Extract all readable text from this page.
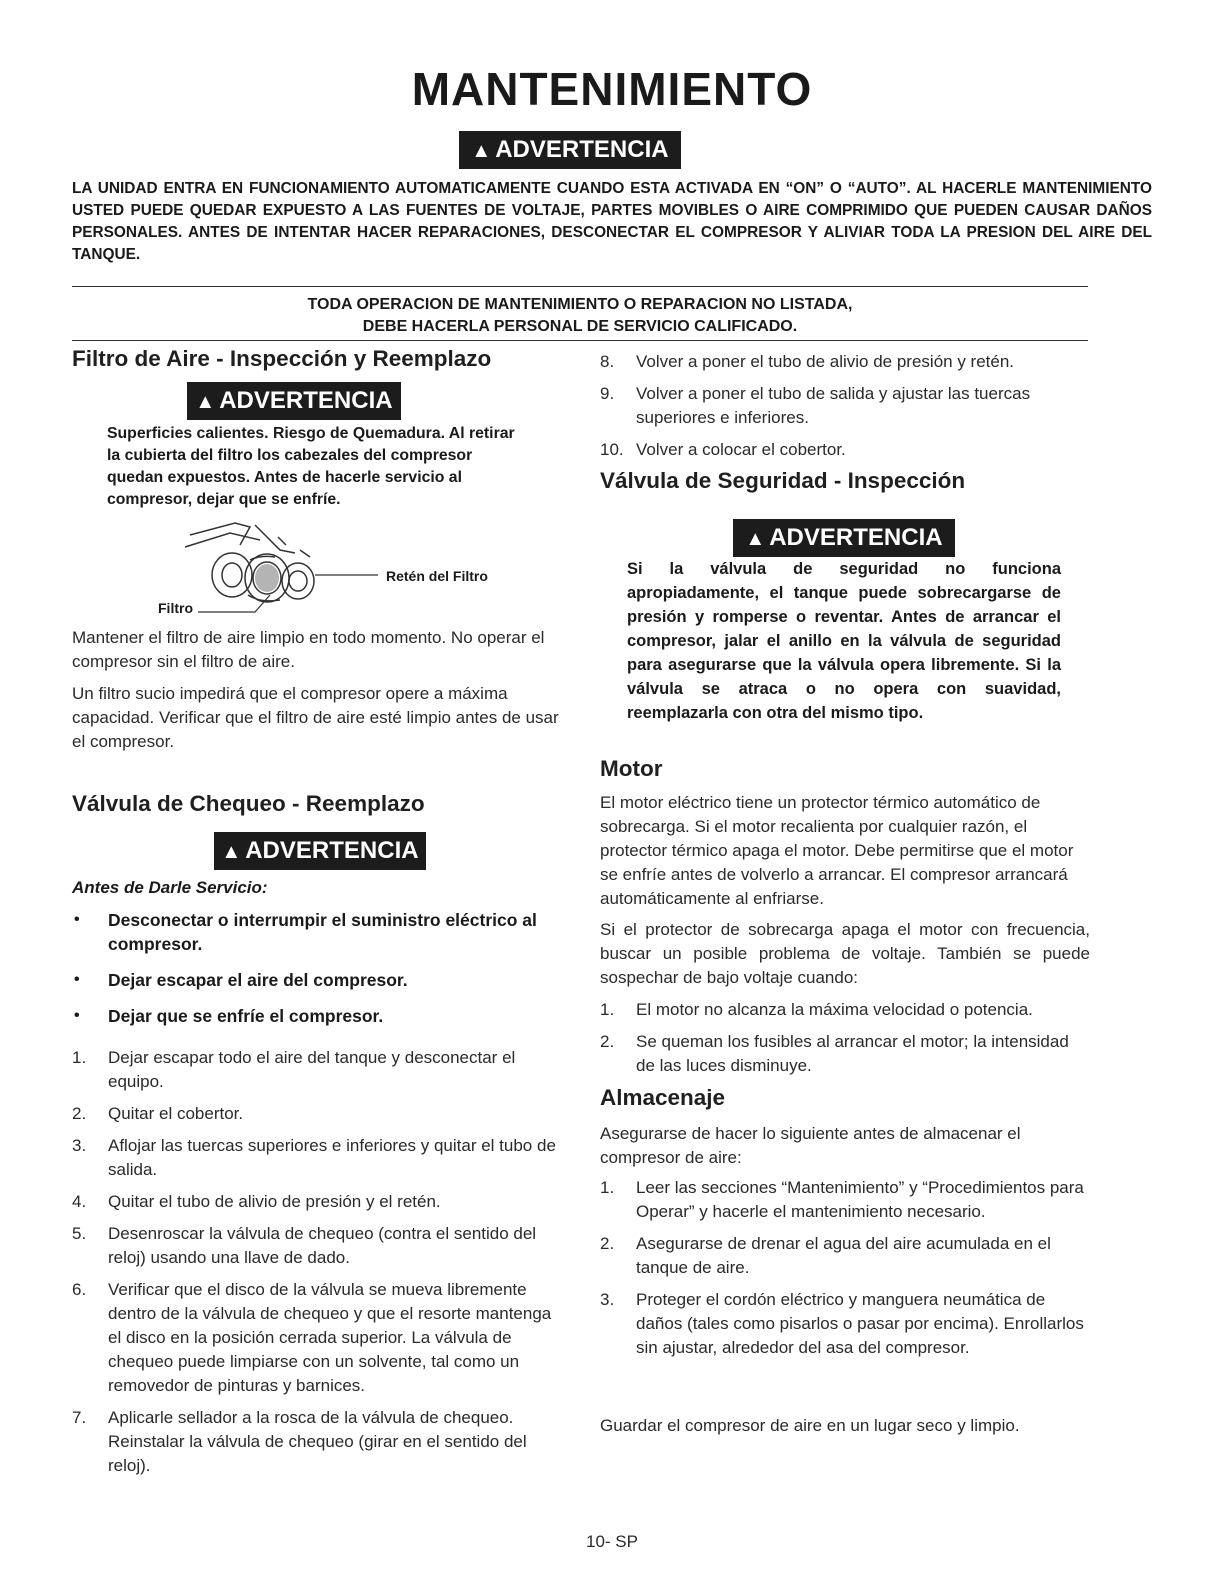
MANTENIMIENTO
▲ ADVERTENCIA
LA UNIDAD ENTRA EN FUNCIONAMIENTO AUTOMATICAMENTE CUANDO ESTA ACTIVADA EN “ON” O “AUTO”. AL HACERLE MANTENIMIENTO USTED PUEDE QUEDAR EXPUESTO A LAS FUENTES DE VOLTAJE, PARTES MOVIBLES O AIRE COMPRIMIDO QUE PUEDEN CAUSAR DAÑOS PERSONALES. ANTES DE INTENTAR HACER REPARACIONES, DESCONECTAR EL COMPRESOR Y ALIVIAR TODA LA PRESION DEL AIRE DEL TANQUE.
TODA OPERACION DE MANTENIMIENTO O REPARACION NO LISTADA,
DEBE HACERLA PERSONAL DE SERVICIO CALIFICADO.
Filtro de Aire - Inspección y Reemplazo
▲ ADVERTENCIA
Superficies calientes. Riesgo de Quemadura. Al retirar la cubierta del filtro los cabezales del compresor quedan expuestos. Antes de hacerle servicio al compresor, dejar que se enfríe.
Retén del Filtro
Filtro
Mantener el filtro de aire limpio en todo momento. No operar el compresor sin el filtro de aire.
Un filtro sucio impedirá que el compresor opere a máxima capacidad. Verificar que el filtro de aire esté limpio antes de usar el compresor.
Válvula de Chequeo - Reemplazo
▲ ADVERTENCIA
Antes de Darle Servicio:
• Desconectar o interrumpir el suministro eléctrico al compresor.
• Dejar escapar el aire del compresor.
• Dejar que se enfríe el compresor.
1. Dejar escapar todo el aire del tanque y desconectar el equipo.
2. Quitar el cobertor.
3. Aflojar las tuercas superiores e inferiores y quitar el tubo de salida.
4. Quitar el tubo de alivio de presión y el retén.
5. Desenroscar la válvula de chequeo (contra el sentido del reloj) usando una llave de dado.
6. Verificar que el disco de la válvula se mueva libremente dentro de la válvula de chequeo y que el resorte mantenga el disco en la posición cerrada superior. La válvula de chequeo puede limpiarse con un solvente, tal como un removedor de pinturas y barnices.
7. Aplicarle sellador a la rosca de la válvula de chequeo. Reinstalar la válvula de chequeo (girar en el sentido del reloj).
8. Volver a poner el tubo de alivio de presión y retén.
9. Volver a poner el tubo de salida y ajustar las tuercas superiores e inferiores.
10. Volver a colocar el cobertor.
Válvula de Seguridad - Inspección
▲ ADVERTENCIA
Si la válvula de seguridad no funciona apropiadamente, el tanque puede sobrecargarse de presión y romperse o reventar. Antes de arrancar el compresor, jalar el anillo en la válvula de seguridad para asegurarse que la válvula opera libremente. Si la válvula se atraca o no opera con suavidad, reemplazarla con otra del mismo tipo.
Motor
El motor eléctrico tiene un protector térmico automático de sobrecarga. Si el motor recalienta por cualquier razón, el protector térmico apaga el motor. Debe permitirse que el motor se enfríe antes de volverlo a arrancar. El compresor arrancará automáticamente al enfriarse.
Si el protector de sobrecarga apaga el motor con frecuencia, buscar un posible problema de voltaje. También se puede sospechar de bajo voltaje cuando:
1. El motor no alcanza la máxima velocidad o potencia.
2. Se queman los fusibles al arrancar el motor; la intensidad de las luces disminuye.
Almacenaje
Asegurarse de hacer lo siguiente antes de almacenar el compresor de aire:
1. Leer las secciones “Mantenimiento” y “Procedimientos para Operar” y hacerle el mantenimiento necesario.
2. Asegurarse de drenar el agua del aire acumulada en el tanque de aire.
3. Proteger el cordón eléctrico y manguera neumática de daños (tales como pisarlos o pasar por encima). Enrollarlos sin ajustar, alrededor del asa del compresor.
Guardar el compresor de aire en un lugar seco y limpio.
10- SP
